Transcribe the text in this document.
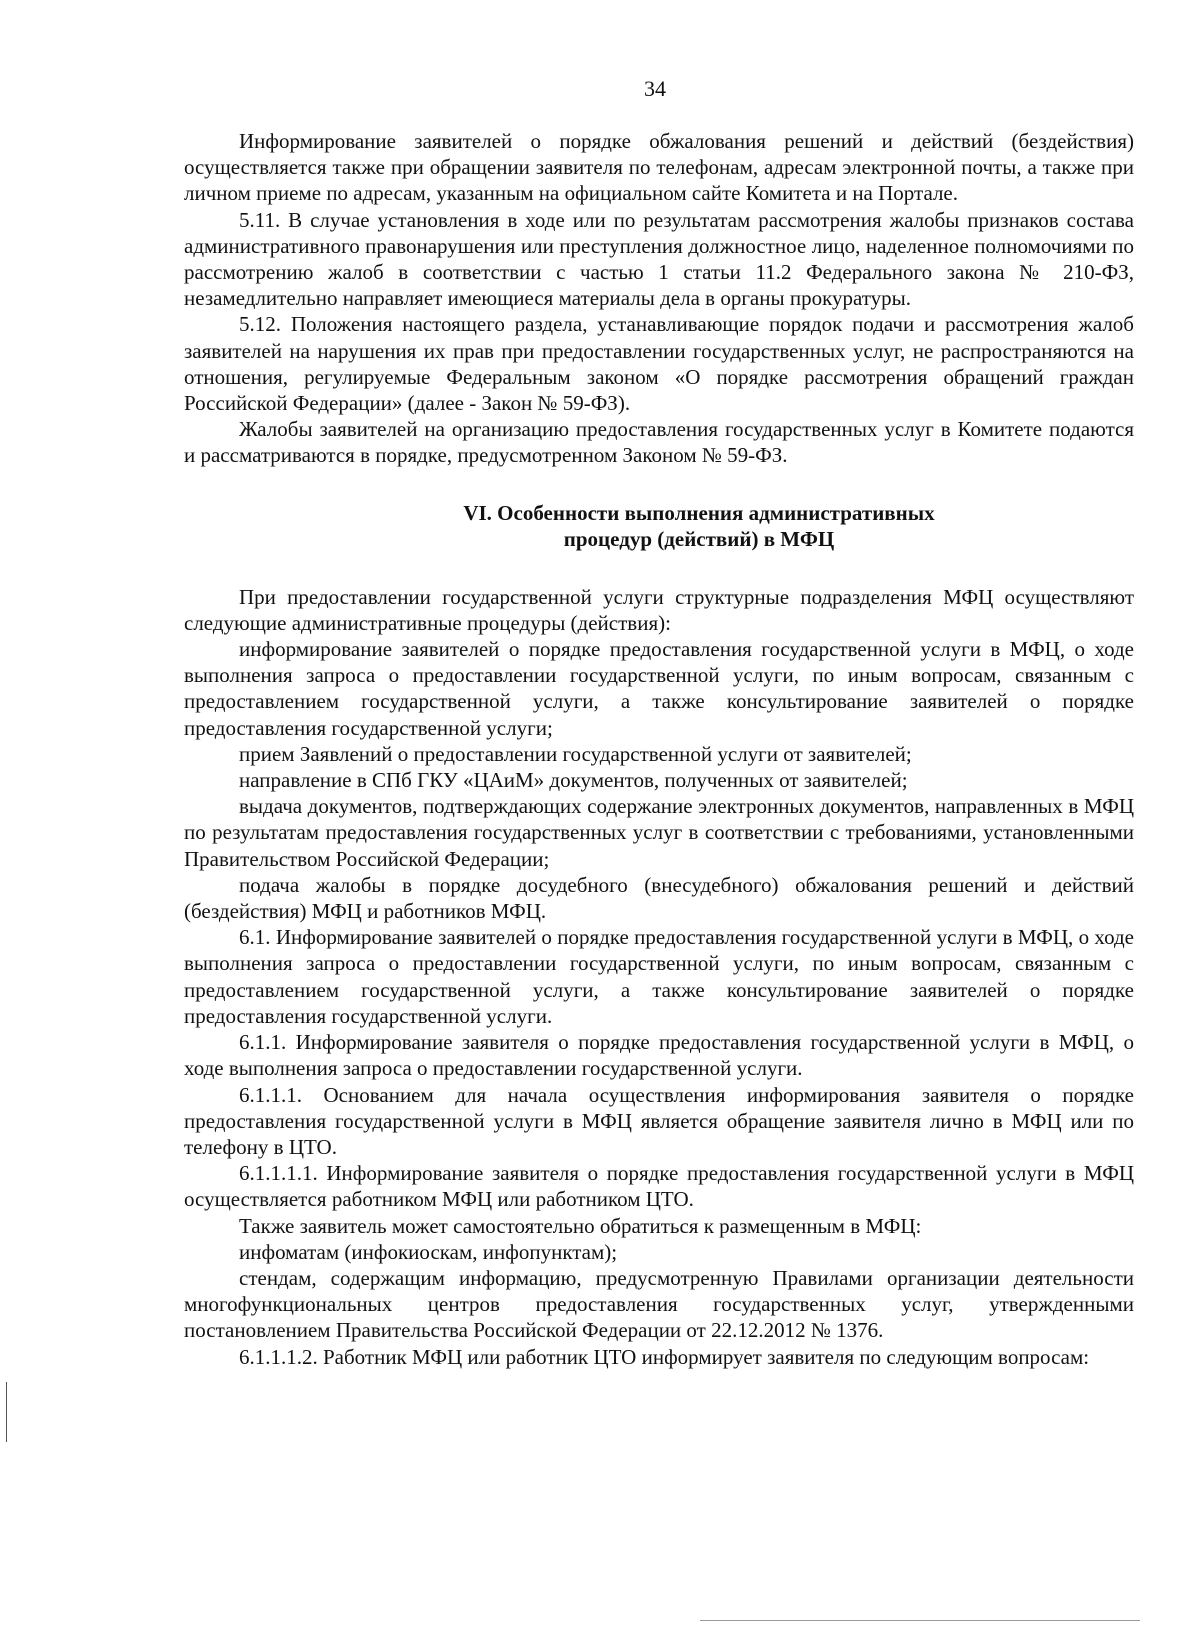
34

Информирование заявителей о порядке обжалования решений и действий (бездействия) осуществляется также при обращении заявителя по телефонам, адресам электронной почты, а также при личном приеме по адресам, указанным на официальном сайте Комитета и на Портале.

5.11. В случае установления в ходе или по результатам рассмотрения жалобы признаков состава административного правонарушения или преступления должностное лицо, наделенное полномочиями по рассмотрению жалоб в соответствии с частью 1 статьи 11.2 Федерального закона № 210-ФЗ, незамедлительно направляет имеющиеся материалы дела в органы прокуратуры.

5.12. Положения настоящего раздела, устанавливающие порядок подачи и рассмотрения жалоб заявителей на нарушения их прав при предоставлении государственных услуг, не распространяются на отношения, регулируемые Федеральным законом «О порядке рассмотрения обращений граждан Российской Федерации» (далее - Закон № 59-ФЗ).

Жалобы заявителей на организацию предоставления государственных услуг в Комитете подаются и рассматриваются в порядке, предусмотренном Законом № 59-ФЗ.

VI. Особенности выполнения административных
процедур (действий) в МФЦ

При предоставлении государственной услуги структурные подразделения МФЦ осуществляют следующие административные процедуры (действия):

информирование заявителей о порядке предоставления государственной услуги в МФЦ, о ходе выполнения запроса о предоставлении государственной услуги, по иным вопросам, связанным с предоставлением государственной услуги, а также консультирование заявителей о порядке предоставления государственной услуги;

прием Заявлений о предоставлении государственной услуги от заявителей;

направление в СПб ГКУ «ЦАиМ» документов, полученных от заявителей;

выдача документов, подтверждающих содержание электронных документов, направленных в МФЦ по результатам предоставления государственных услуг в соответствии с требованиями, установленными Правительством Российской Федерации;

подача жалобы в порядке досудебного (внесудебного) обжалования решений и действий (бездействия) МФЦ и работников МФЦ.

6.1. Информирование заявителей о порядке предоставления государственной услуги в МФЦ, о ходе выполнения запроса о предоставлении государственной услуги, по иным вопросам, связанным с предоставлением государственной услуги, а также консультирование заявителей о порядке предоставления государственной услуги.

6.1.1. Информирование заявителя о порядке предоставления государственной услуги в МФЦ, о ходе выполнения запроса о предоставлении государственной услуги.

6.1.1.1. Основанием для начала осуществления информирования заявителя о порядке предоставления государственной услуги в МФЦ является обращение заявителя лично в МФЦ или по телефону в ЦТО.

6.1.1.1.1. Информирование заявителя о порядке предоставления государственной услуги в МФЦ осуществляется работником МФЦ или работником ЦТО.

Также заявитель может самостоятельно обратиться к размещенным в МФЦ:

инфоматам (инфокиоскам, инфопунктам);

стендам, содержащим информацию, предусмотренную Правилами организации деятельности многофункциональных центров предоставления государственных услуг, утвержденными постановлением Правительства Российской Федерации от 22.12.2012 № 1376.

6.1.1.1.2. Работник МФЦ или работник ЦТО информирует заявителя по следующим вопросам:
